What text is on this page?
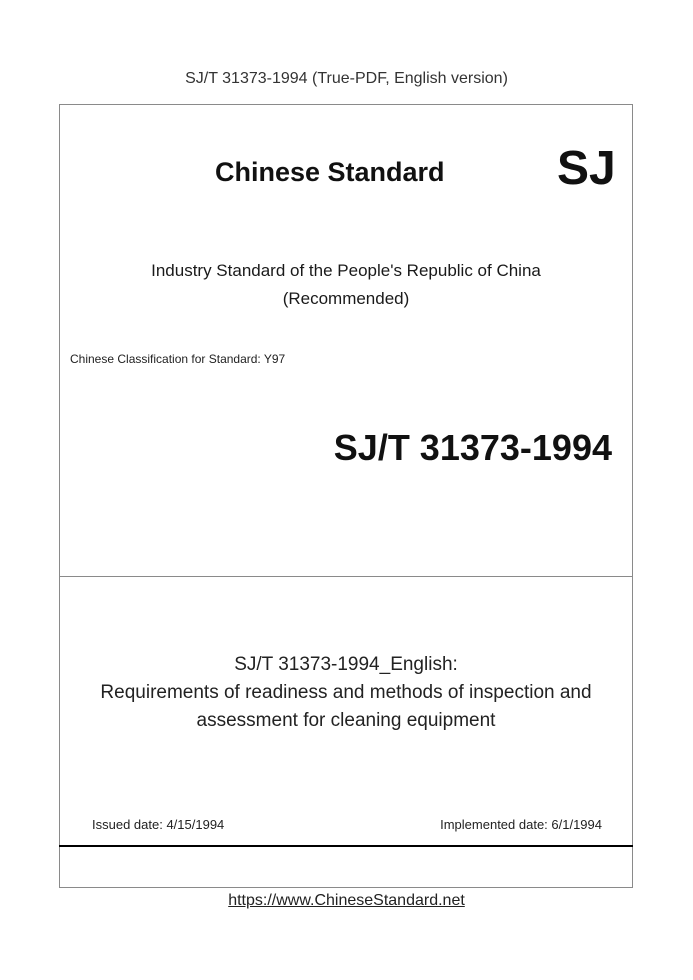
SJ/T 31373-1994 (True-PDF, English version)
Chinese Standard SJ
Industry Standard of the People's Republic of China
(Recommended)
Chinese Classification for Standard: Y97
SJ/T 31373-1994
SJ/T 31373-1994_English:
Requirements of readiness and methods of inspection and
assessment for cleaning equipment
Issued date: 4/15/1994	Implemented date: 6/1/1994
https://www.ChineseStandard.net
